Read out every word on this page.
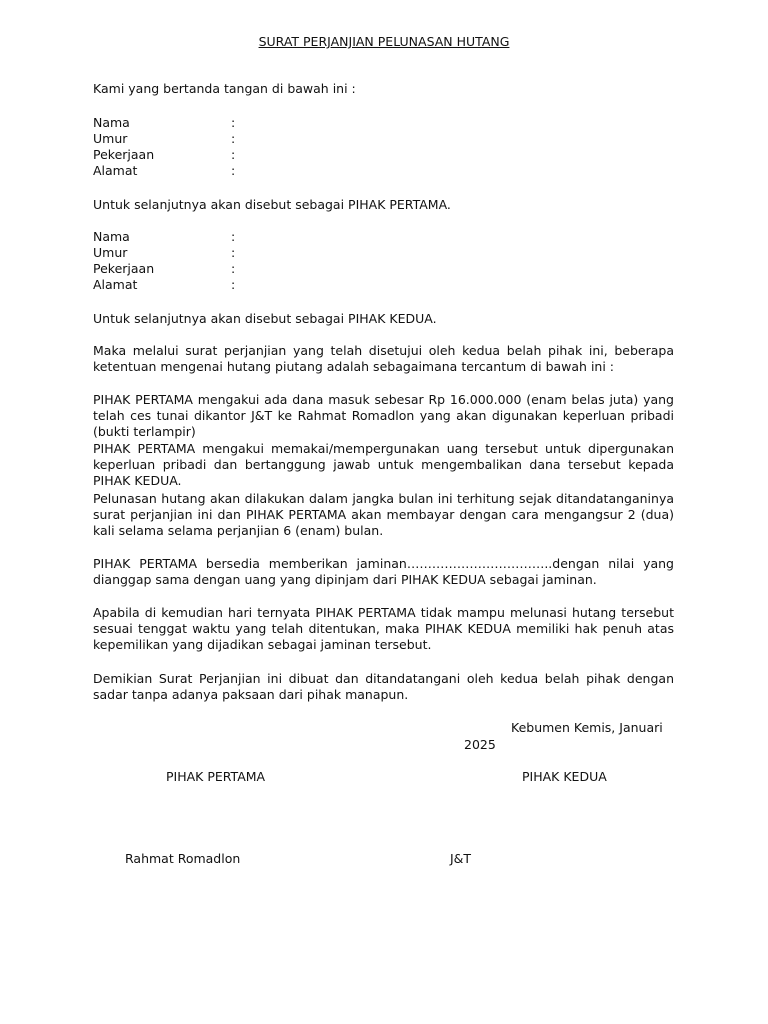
SURAT PERJANJIAN PELUNASAN HUTANG
Kami yang bertanda tangan di bawah ini :
Nama	:
Umur	:
Pekerjaan	:
Alamat	:
Untuk selanjutnya akan disebut sebagai PIHAK PERTAMA.
Nama	:
Umur	:
Pekerjaan	:
Alamat	:
Untuk selanjutnya akan disebut sebagai PIHAK KEDUA.
Maka melalui surat perjanjian yang telah disetujui oleh kedua belah pihak ini, beberapa ketentuan mengenai hutang piutang adalah sebagaimana tercantum di bawah ini :
PIHAK PERTAMA mengakui ada dana masuk sebesar Rp 16.000.000 (enam belas juta) yang telah ces tunai dikantor J&T ke Rahmat Romadlon yang akan digunakan keperluan pribadi (bukti terlampir)
PIHAK PERTAMA mengakui memakai/mempergunakan uang tersebut untuk dipergunakan keperluan pribadi dan bertanggung jawab untuk mengembalikan dana tersebut kepada PIHAK KEDUA.
Pelunasan hutang akan dilakukan dalam jangka bulan ini terhitung sejak ditandatanganinya surat perjanjian ini dan PIHAK PERTAMA akan membayar dengan cara mengangsur 2 (dua) kali selama selama perjanjian 6 (enam) bulan.
PIHAK PERTAMA bersedia memberikan jaminan……………………………..dengan nilai yang dianggap sama dengan uang yang dipinjam dari PIHAK KEDUA sebagai jaminan.
Apabila di kemudian hari ternyata PIHAK PERTAMA tidak mampu melunasi hutang tersebut sesuai tenggat waktu yang telah ditentukan, maka PIHAK KEDUA memiliki hak penuh atas kepemilikan yang dijadikan sebagai jaminan tersebut.
Demikian Surat Perjanjian ini dibuat dan ditandatangani oleh kedua belah pihak dengan sadar tanpa adanya paksaan dari pihak manapun.
Kebumen Kemis, Januari
2025
PIHAK PERTAMA	PIHAK KEDUA
Rahmat Romadlon	J&T
